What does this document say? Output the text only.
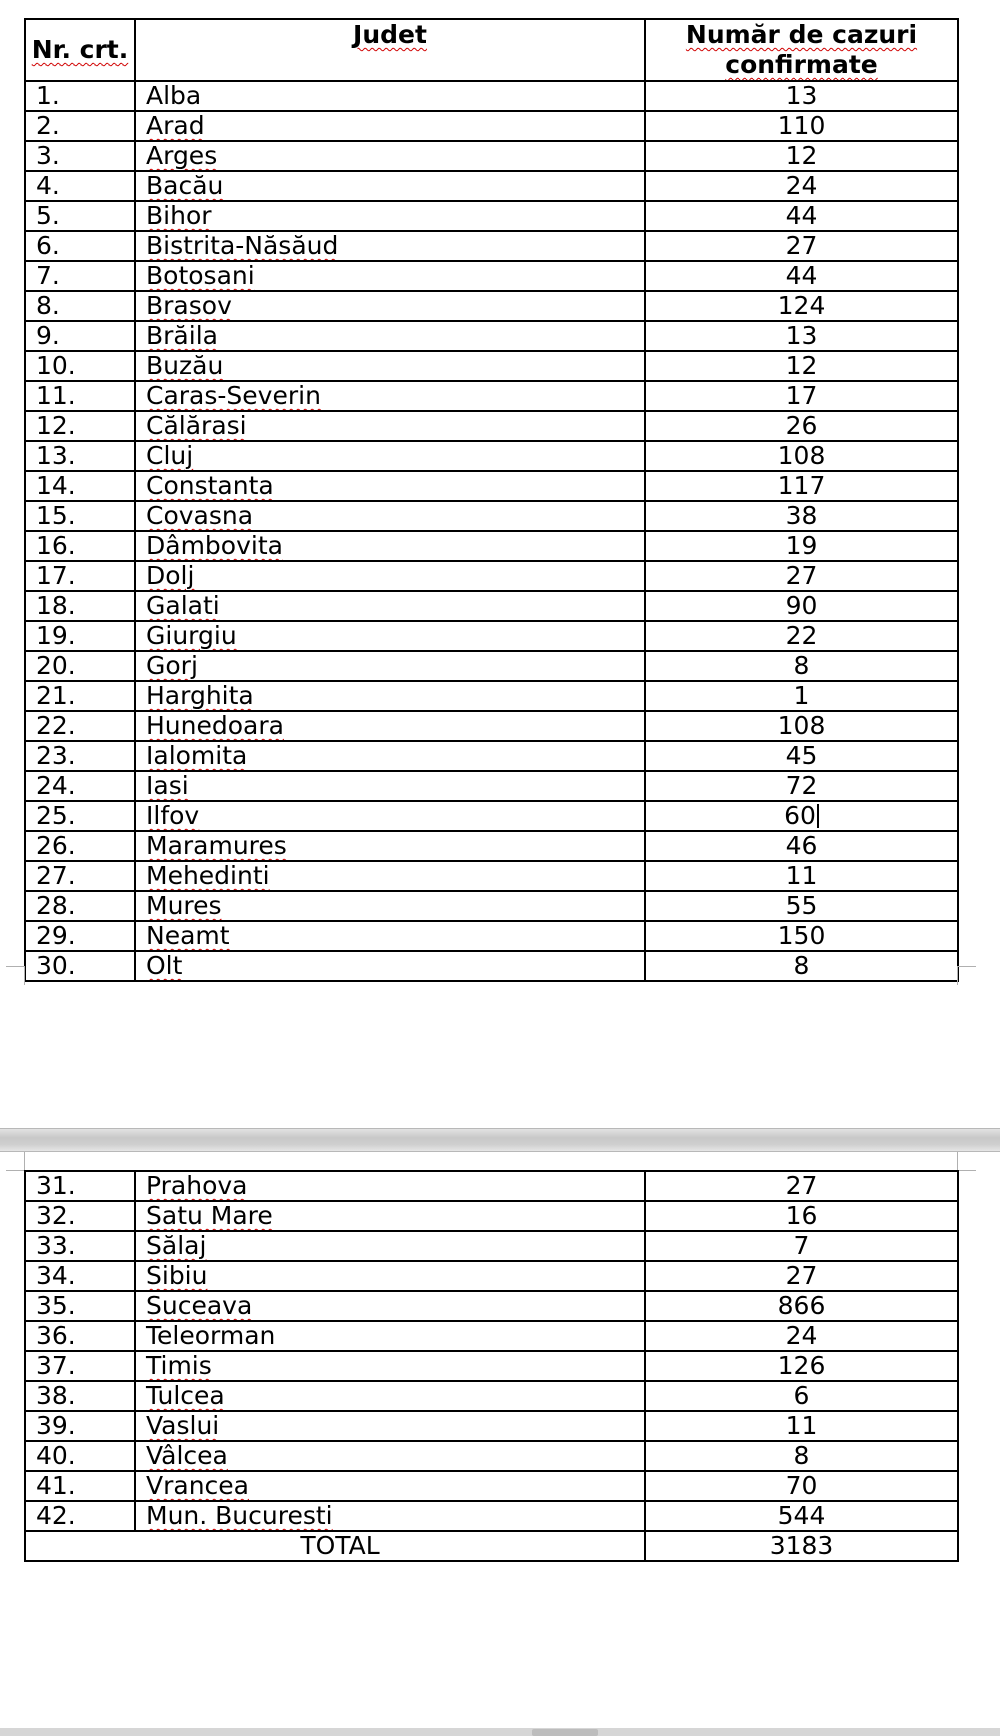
Nr. crt.	Judet	Număr de cazuri confirmate
1.	Alba	13
2.	Arad	110
3.	Arges	12
4.	Bacău	24
5.	Bihor	44
6.	Bistrita-Năsăud	27
7.	Botosani	44
8.	Brasov	124
9.	Brăila	13
10.	Buzău	12
11.	Caras-Severin	17
12.	Călărasi	26
13.	Cluj	108
14.	Constanta	117
15.	Covasna	38
16.	Dâmbovita	19
17.	Dolj	27
18.	Galati	90
19.	Giurgiu	22
20.	Gorj	8
21.	Harghita	1
22.	Hunedoara	108
23.	Ialomita	45
24.	Iasi	72
25.	Ilfov	60
26.	Maramures	46
27.	Mehedinti	11
28.	Mures	55
29.	Neamt	150
30.	Olt	8
31.	Prahova	27
32.	Satu Mare	16
33.	Sălaj	7
34.	Sibiu	27
35.	Suceava	866
36.	Teleorman	24
37.	Timis	126
38.	Tulcea	6
39.	Vaslui	11
40.	Vâlcea	8
41.	Vrancea	70
42.	Mun. Bucuresti	544
TOTAL		3183
